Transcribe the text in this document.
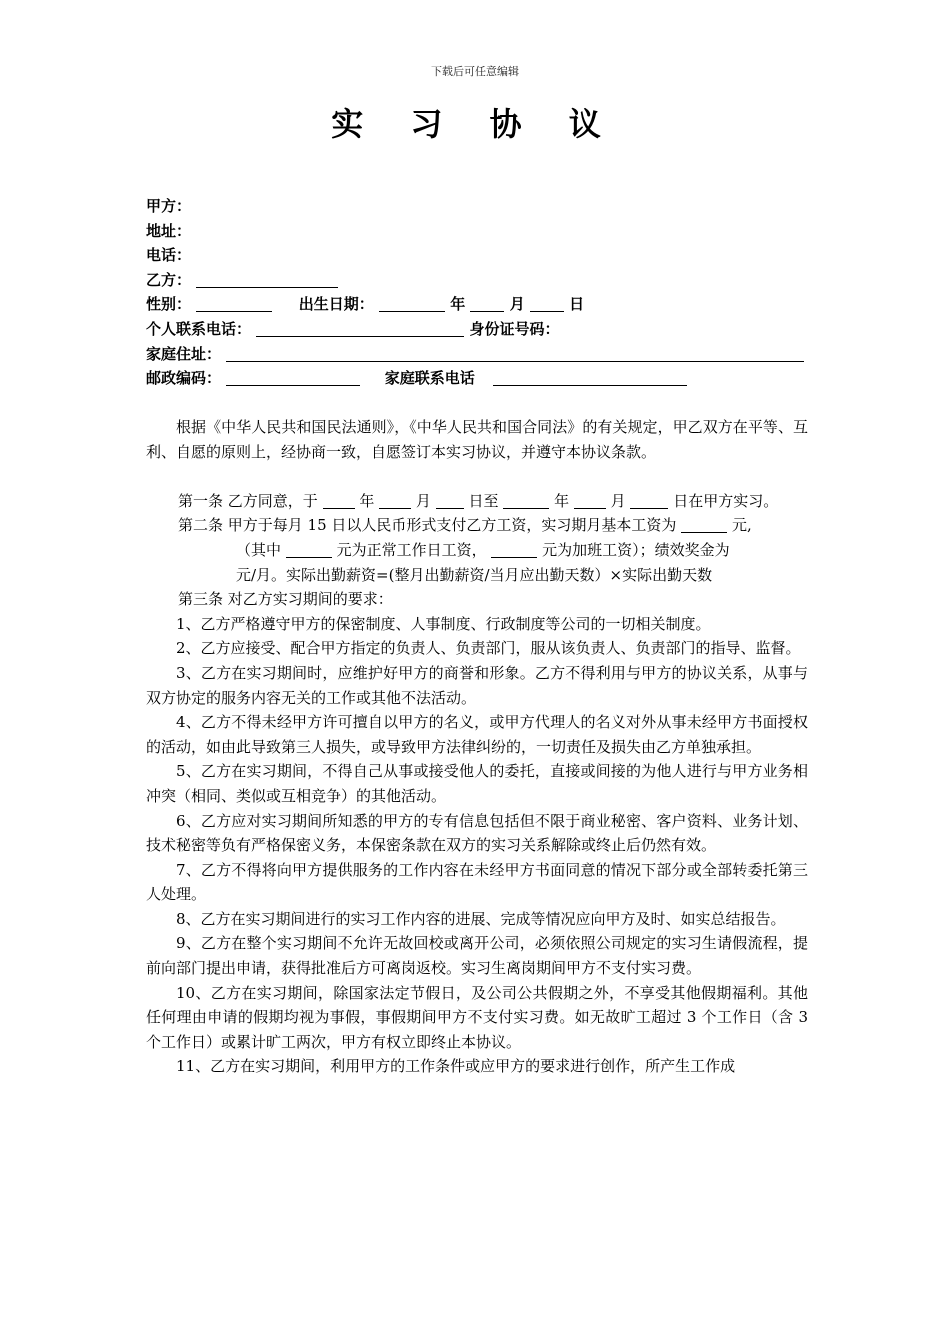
下载后可任意编辑
实 习 协 议
甲方：
地址：
电话：
乙方：
性别：	出生日期：	年	月	日
个人联系电话：	身份证号码：
家庭住址：
邮政编码：	家庭联系电话

根据《中华人民共和国民法通则》，《中华人民共和国合同法》的有关规定，甲乙双方在平等、互利、自愿的原则上，经协商一致，自愿签订本实习协议，并遵守本协议条款。

第一条 乙方同意，于	年	月	日至	年	月	日在甲方实习。
第二条 甲方于每月 15 日以人民币形式支付乙方工资，实习期月基本工资为	元,
（其中	元为正常工作日工资，	元为加班工资）；绩效奖金为
元/月。实际出勤薪资=(整月出勤薪资/当月应出勤天数）×实际出勤天数
第三条 对乙方实习期间的要求：

1、乙方严格遵守甲方的保密制度、人事制度、行政制度等公司的一切相关制度。

2、乙方应接受、配合甲方指定的负责人、负责部门，服从该负责人、负责部门的指导、监督。

3、乙方在实习期间时，应维护好甲方的商誉和形象。乙方不得利用与甲方的协议关系，从事与双方协定的服务内容无关的工作或其他不法活动。

4、乙方不得未经甲方许可擅自以甲方的名义，或甲方代理人的名义对外从事未经甲方书面授权的活动，如由此导致第三人损失，或导致甲方法律纠纷的，一切责任及损失由乙方单独承担。

5、乙方在实习期间，不得自己从事或接受他人的委托，直接或间接的为他人进行与甲方业务相冲突（相同、类似或互相竞争）的其他活动。

6、乙方应对实习期间所知悉的甲方的专有信息包括但不限于商业秘密、客户资料、业务计划、技术秘密等负有严格保密义务，本保密条款在双方的实习关系解除或终止后仍然有效。

7、乙方不得将向甲方提供服务的工作内容在未经甲方书面同意的情况下部分或全部转委托第三人处理。

8、乙方在实习期间进行的实习工作内容的进展、完成等情况应向甲方及时、如实总结报告。

9、乙方在整个实习期间不允许无故回校或离开公司，必须依照公司规定的实习生请假流程，提前向部门提出申请，获得批准后方可离岗返校。实习生离岗期间甲方不支付实习费。

10、乙方在实习期间，除国家法定节假日，及公司公共假期之外，不享受其他假期福利。其他任何理由申请的假期均视为事假，事假期间甲方不支付实习费。如无故旷工超过 3 个工作日（含 3 个工作日）或累计旷工两次，甲方有权立即终止本协议。

11、乙方在实习期间，利用甲方的工作条件或应甲方的要求进行创作，所产生工作成
